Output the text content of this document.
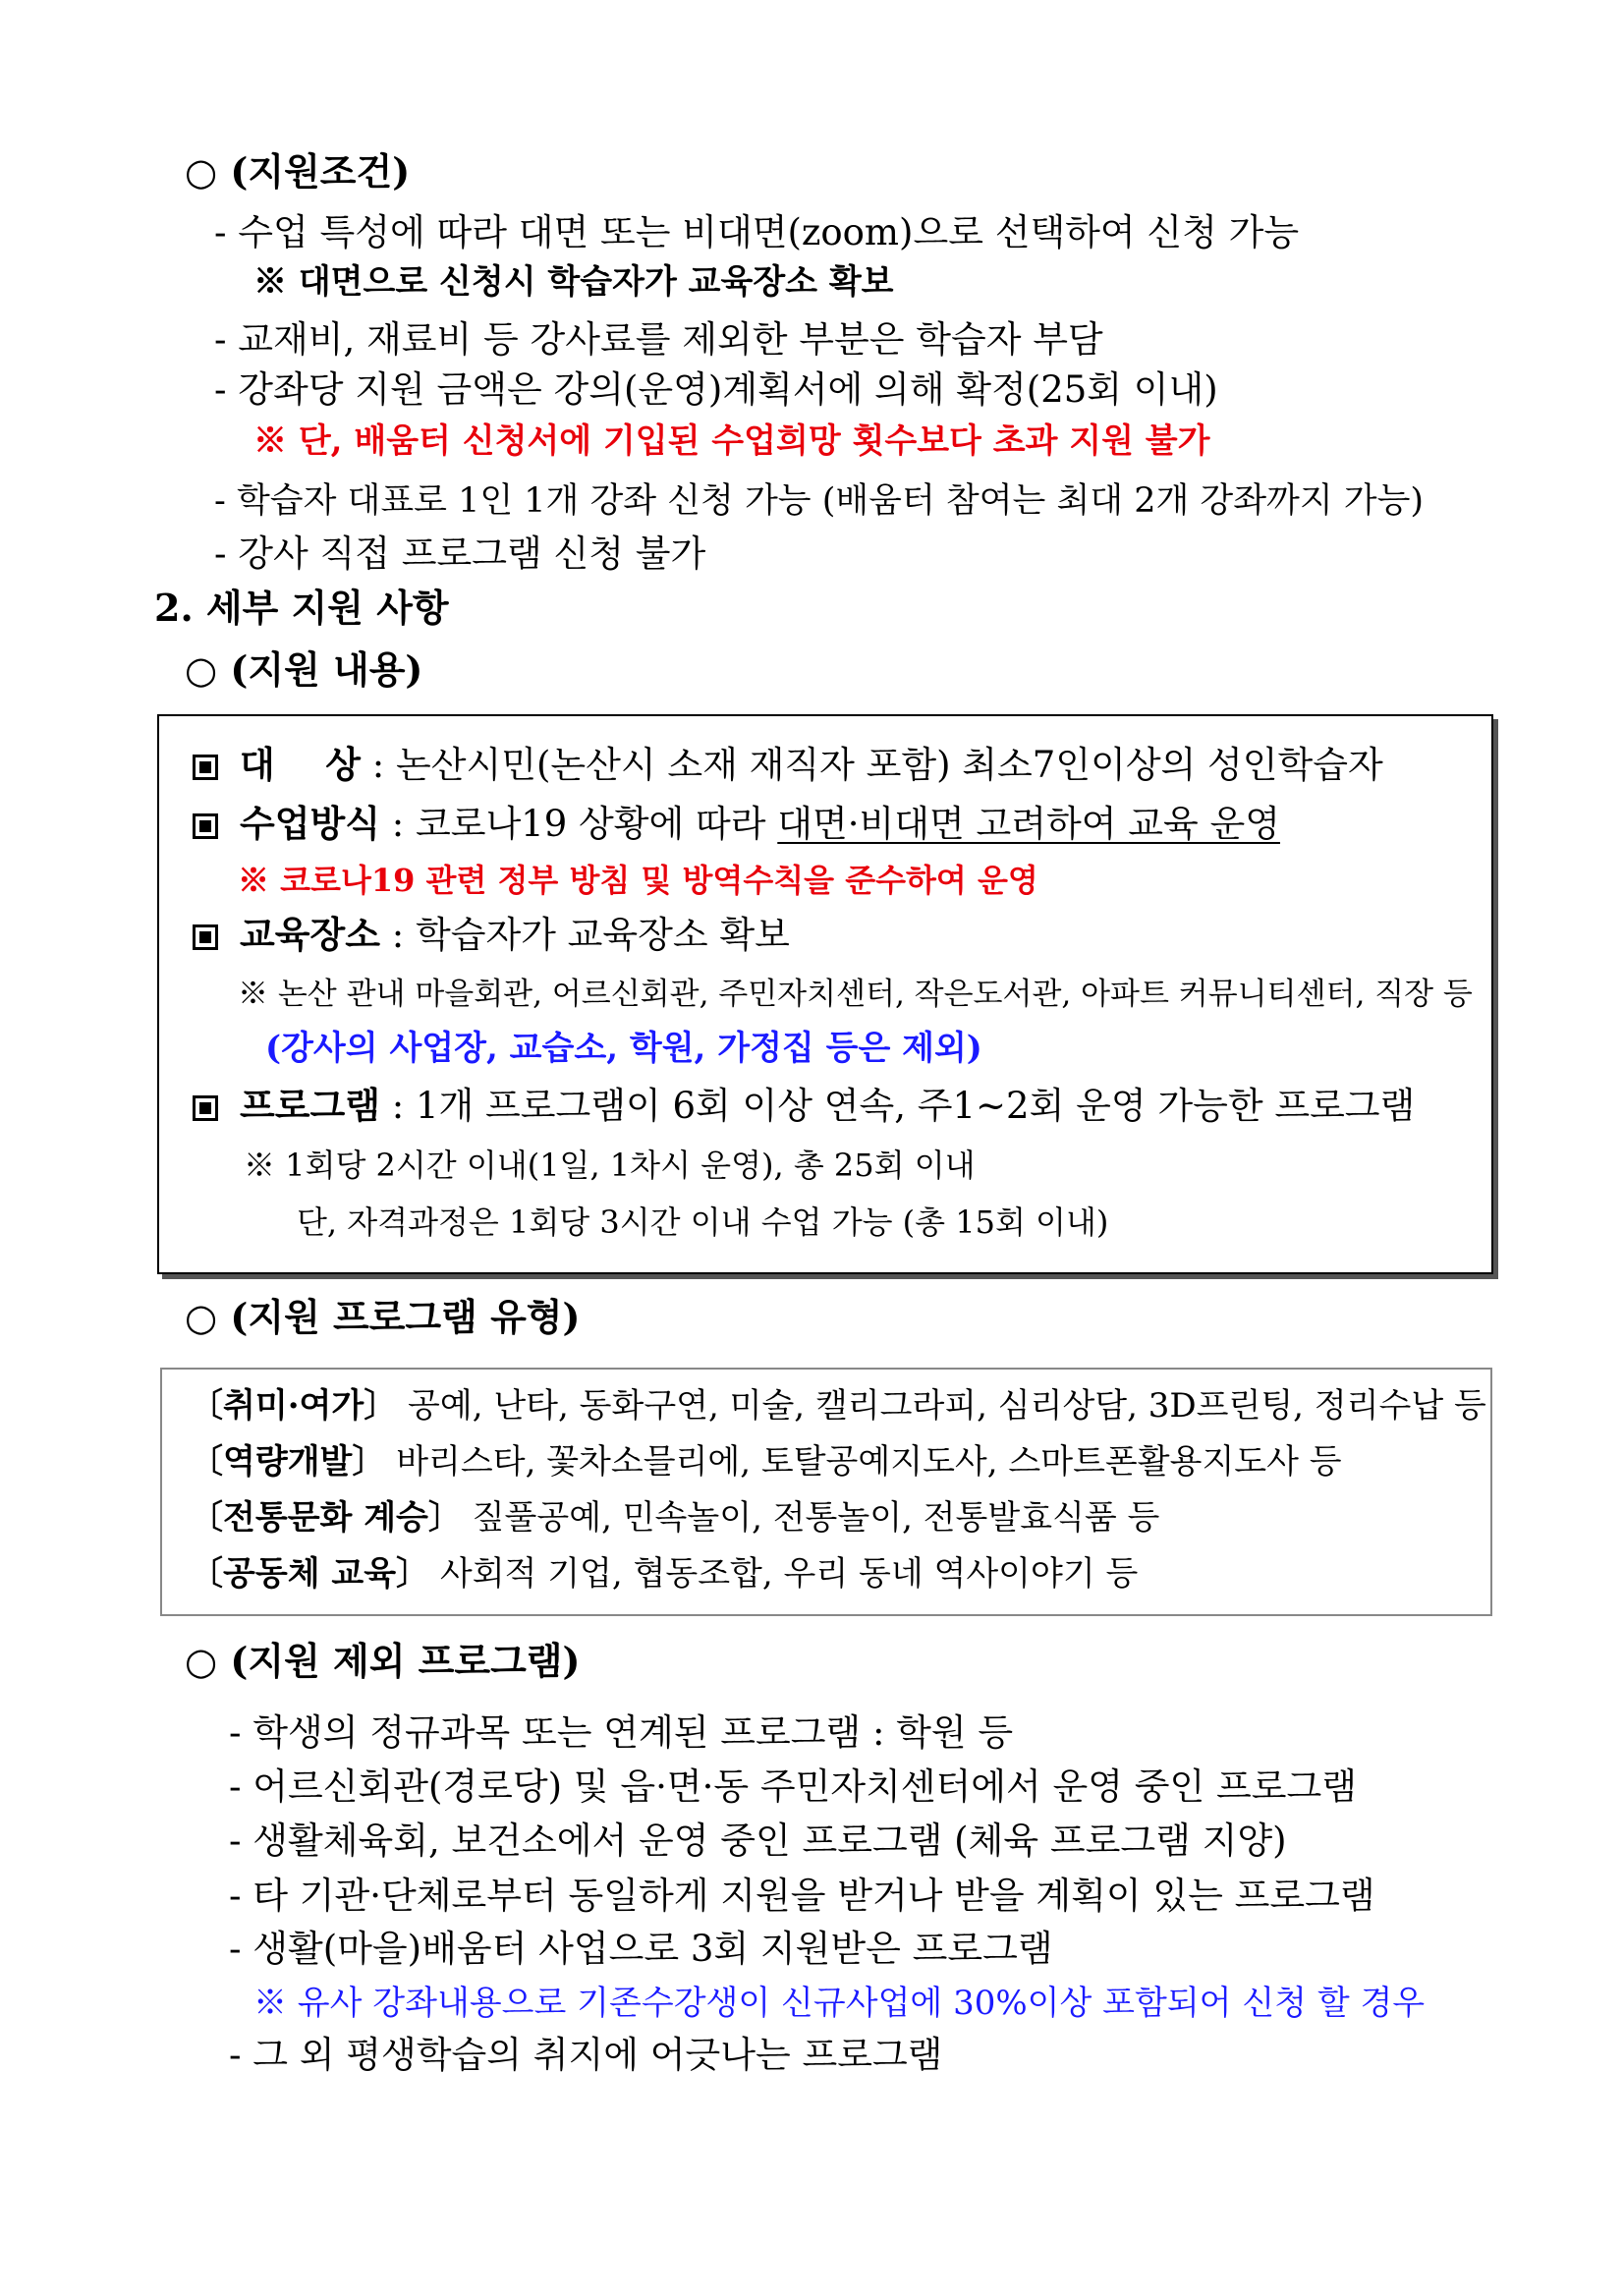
○ (지원조건)
- 수업 특성에 따라 대면 또는 비대면(zoom)으로 선택하여 신청 가능
※ 대면으로 신청시 학습자가 교육장소 확보
- 교재비, 재료비 등 강사료를 제외한 부분은 학습자 부담
- 강좌당 지원 금액은 강의(운영)계획서에 의해 확정(25회 이내)
※ 단, 배움터 신청서에 기입된 수업희망 횟수보다 초과 지원 불가
- 학습자 대표로 1인 1개 강좌 신청 가능 (배움터 참여는 최대 2개 강좌까지 가능)
- 강사 직접 프로그램 신청 불가
2. 세부 지원 사항
○ (지원 내용)
대    상 : 논산시민(논산시 소재 재직자 포함) 최소7인이상의 성인학습자
수업방식 : 코로나19 상황에 따라 대면·비대면 고려하여 교육 운영
※ 코로나19 관련 정부 방침 및 방역수칙을 준수하여 운영
교육장소 : 학습자가 교육장소 확보
※ 논산 관내 마을회관, 어르신회관, 주민자치센터, 작은도서관, 아파트 커뮤니티센터, 직장 등
(강사의 사업장, 교습소, 학원, 가정집 등은 제외)
프로그램 : 1개 프로그램이 6회 이상 연속, 주1~2회 운영 가능한 프로그램
※ 1회당 2시간 이내(1일, 1차시 운영), 총 25회 이내
단, 자격과정은 1회당 3시간 이내 수업 가능 (총 15회 이내)
○ (지원 프로그램 유형)
〔취미·여가〕 공예, 난타, 동화구연, 미술, 캘리그라피, 심리상담, 3D프린팅, 정리수납 등
〔역량개발〕 바리스타, 꽃차소믈리에, 토탈공예지도사, 스마트폰활용지도사 등
〔전통문화 계승〕 짚풀공예, 민속놀이, 전통놀이, 전통발효식품 등
〔공동체 교육〕 사회적 기업, 협동조합, 우리 동네 역사이야기 등
○ (지원 제외 프로그램)
- 학생의 정규과목 또는 연계된 프로그램 : 학원 등
- 어르신회관(경로당) 및 읍·면·동 주민자치센터에서 운영 중인 프로그램
- 생활체육회, 보건소에서 운영 중인 프로그램 (체육 프로그램 지양)
- 타 기관·단체로부터 동일하게 지원을 받거나 받을 계획이 있는 프로그램
- 생활(마을)배움터 사업으로 3회 지원받은 프로그램
※ 유사 강좌내용으로 기존수강생이 신규사업에 30%이상 포함되어 신청 할 경우
- 그 외 평생학습의 취지에 어긋나는 프로그램
